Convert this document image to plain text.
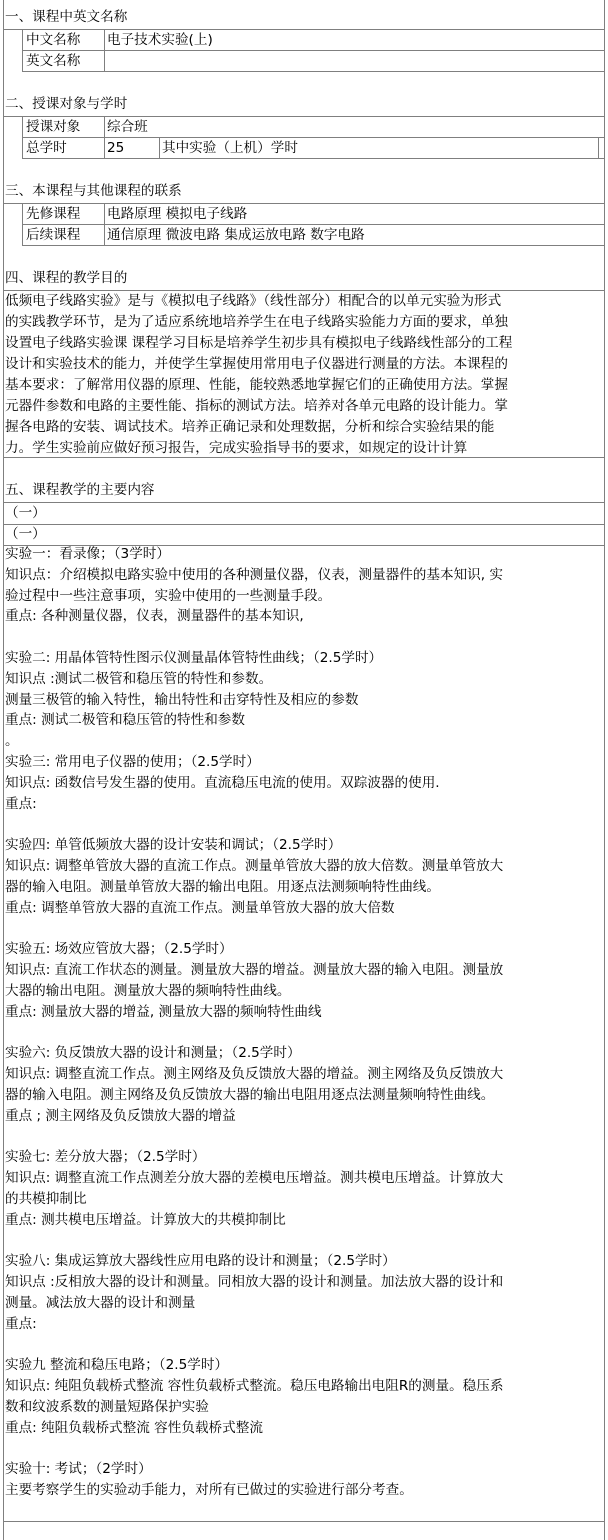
一、课程中英文名称
中文名称 电子技术实验(上)
英文名称
二、授课对象与学时
授课对象 综合班
总学时	25	其中实验（上机）学时
三、本课程与其他课程的联系
先修课程 电路原理 模拟电子线路
后续课程 通信原理 微波电路 集成运放电路 数字电路
四、课程的教学目的
低频电子线路实验》是与《模拟电子线路》（线性部分）相配合的以单元实验为形式
的实践教学环节，是为了适应系统地培养学生在电子线路实验能力方面的要求，单独
设置电子线路实验课 课程学习目标是培养学生初步具有模拟电子线路线性部分的工程
设计和实验技术的能力，并使学生掌握使用常用电子仪器进行测量的方法。本课程的
基本要求：了解常用仪器的原理、性能，能较熟悉地掌握它们的正确使用方法。掌握
元器件参数和电路的主要性能、指标的测试方法。培养对各单元电路的设计能力。掌
握各电路的安装、调试技术。培养正确记录和处理数据，分析和综合实验结果的能
力。学生实验前应做好预习报告，完成实验指导书的要求，如规定的设计计算
五、课程教学的主要内容
（一）
（一）
实验一：看录像；（3学时）
知识点：介绍模拟电路实验中使用的各种测量仪器，仪表，测量器件的基本知识, 实
验过程中一些注意事项，实验中使用的一些测量手段。
重点: 各种测量仪器，仪表，测量器件的基本知识,
实验二: 用晶体管特性图示仪测量晶体管特性曲线；（2.5学时）
知识点 :测试二极管和稳压管的特性和参数。
测量三极管的输入特性，输出特性和击穿特性及相应的参数
重点: 测试二极管和稳压管的特性和参数
。
实验三: 常用电子仪器的使用；（2.5学时）
知识点: 函数信号发生器的使用。直流稳压电流的使用。双踪波器的使用.
重点:
实验四: 单管低频放大器的设计安装和调试；（2.5学时）
知识点: 调整单管放大器的直流工作点。测量单管放大器的放大倍数。测量单管放大
器的输入电阻。测量单管放大器的输出电阻。用逐点法测频响特性曲线。
重点: 调整单管放大器的直流工作点。测量单管放大器的放大倍数
实验五: 场效应管放大器；（2.5学时）
知识点: 直流工作状态的测量。测量放大器的增益。测量放大器的输入电阻。测量放
大器的输出电阻。测量放大器的频响特性曲线。
重点: 测量放大器的增益, 测量放大器的频响特性曲线
实验六: 负反馈放大器的设计和测量；（2.5学时）
知识点: 调整直流工作点。测主网络及负反馈放大器的增益。测主网络及负反馈放大
器的输入电阻。测主网络及负反馈放大器的输出电阻用逐点法测量频响特性曲线。
重点 ; 测主网络及负反馈放大器的增益
实验七: 差分放大器；（2.5学时）
知识点: 调整直流工作点测差分放大器的差模电压增益。测共模电压增益。计算放大
的共模抑制比
重点: 测共模电压增益。计算放大的共模抑制比
实验八: 集成运算放大器线性应用电路的设计和测量；（2.5学时）
知识点 :反相放大器的设计和测量。同相放大器的设计和测量。加法放大器的设计和
测量。减法放大器的设计和测量
重点:
实验九 整流和稳压电路；（2.5学时）
知识点: 纯阻负载桥式整流 容性负载桥式整流。稳压电路输出电阻R的测量。稳压系
数和纹波系数的测量短路保护实验
重点: 纯阻负载桥式整流 容性负载桥式整流
实验十: 考试；（2学时）
主要考察学生的实验动手能力，对所有已做过的实验进行部分考查。
